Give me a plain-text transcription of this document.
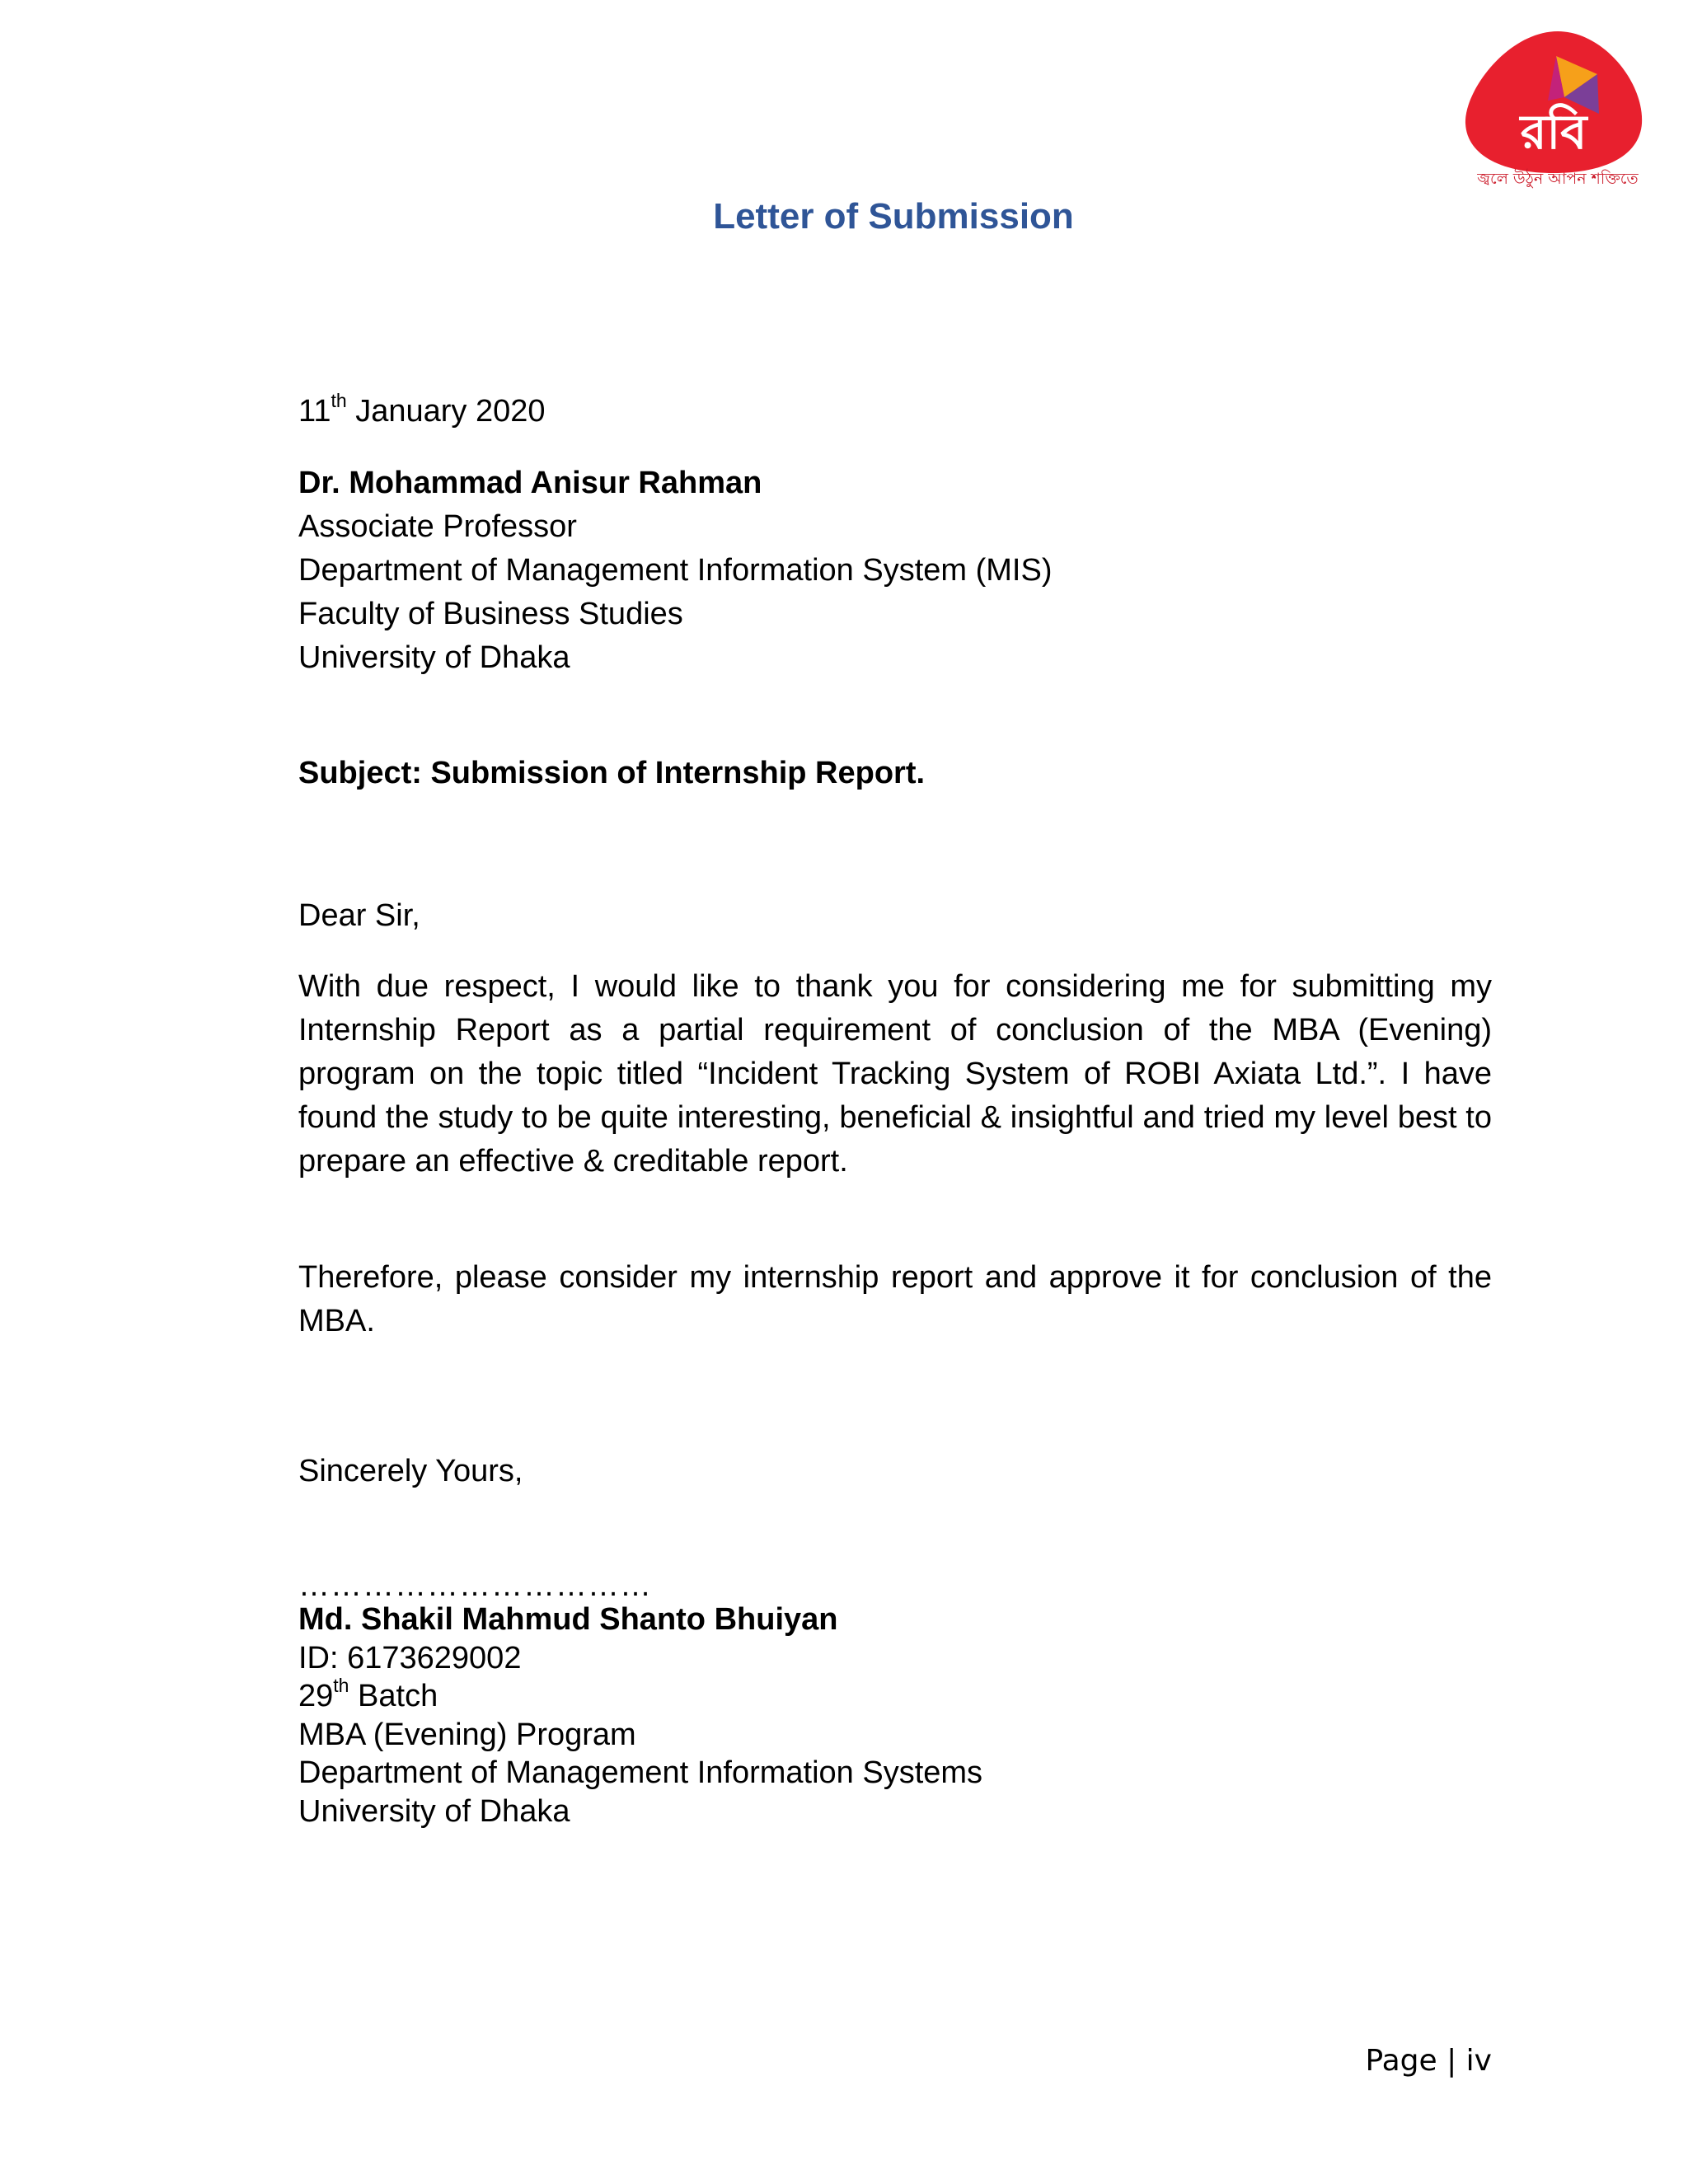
রবি
জ্বলে উঠুন আপন শক্তিতে
Letter of Submission
11th January 2020
Dr. Mohammad Anisur Rahman
Associate Professor
Department of Management Information System (MIS)
Faculty of Business Studies
University of Dhaka
Subject: Submission of Internship Report.
Dear Sir,
With due respect, I would like to thank you for considering me for submitting my Internship Report as a partial requirement of conclusion of the MBA (Evening) program on the topic titled “Incident Tracking System of ROBI Axiata Ltd.”. I have found the study to be quite interesting, beneficial & insightful and tried my level best to prepare an effective & creditable report.
Therefore, please consider my internship report and approve it for conclusion of the MBA.
Sincerely Yours,
……………………………
Md. Shakil Mahmud Shanto Bhuiyan
ID: 6173629002
29th Batch
MBA (Evening) Program
Department of Management Information Systems
University of Dhaka
Page | iv
